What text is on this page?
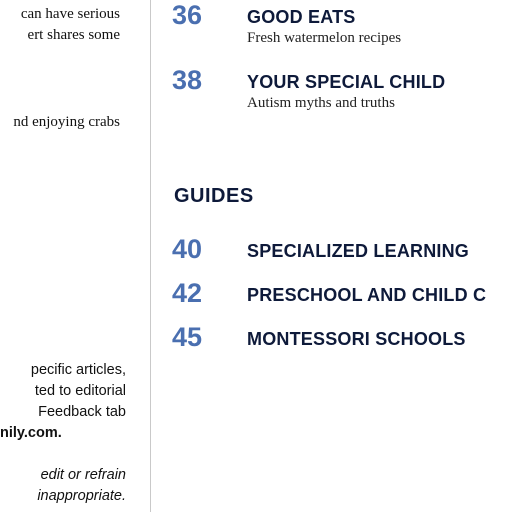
can have serious

ert shares some

nd enjoying crabs

pecific articles,

ted to editorial

Feedback tab

nily.com.

edit or refrain

inappropriate.

36 GOOD EATS
Fresh watermelon recipes
38 YOUR SPECIAL CHILD
Autism myths and truths
GUIDES
40 SPECIALIZED LEARNING
42 PRESCHOOL AND CHILD C
45 MONTESSORI SCHOOLS
